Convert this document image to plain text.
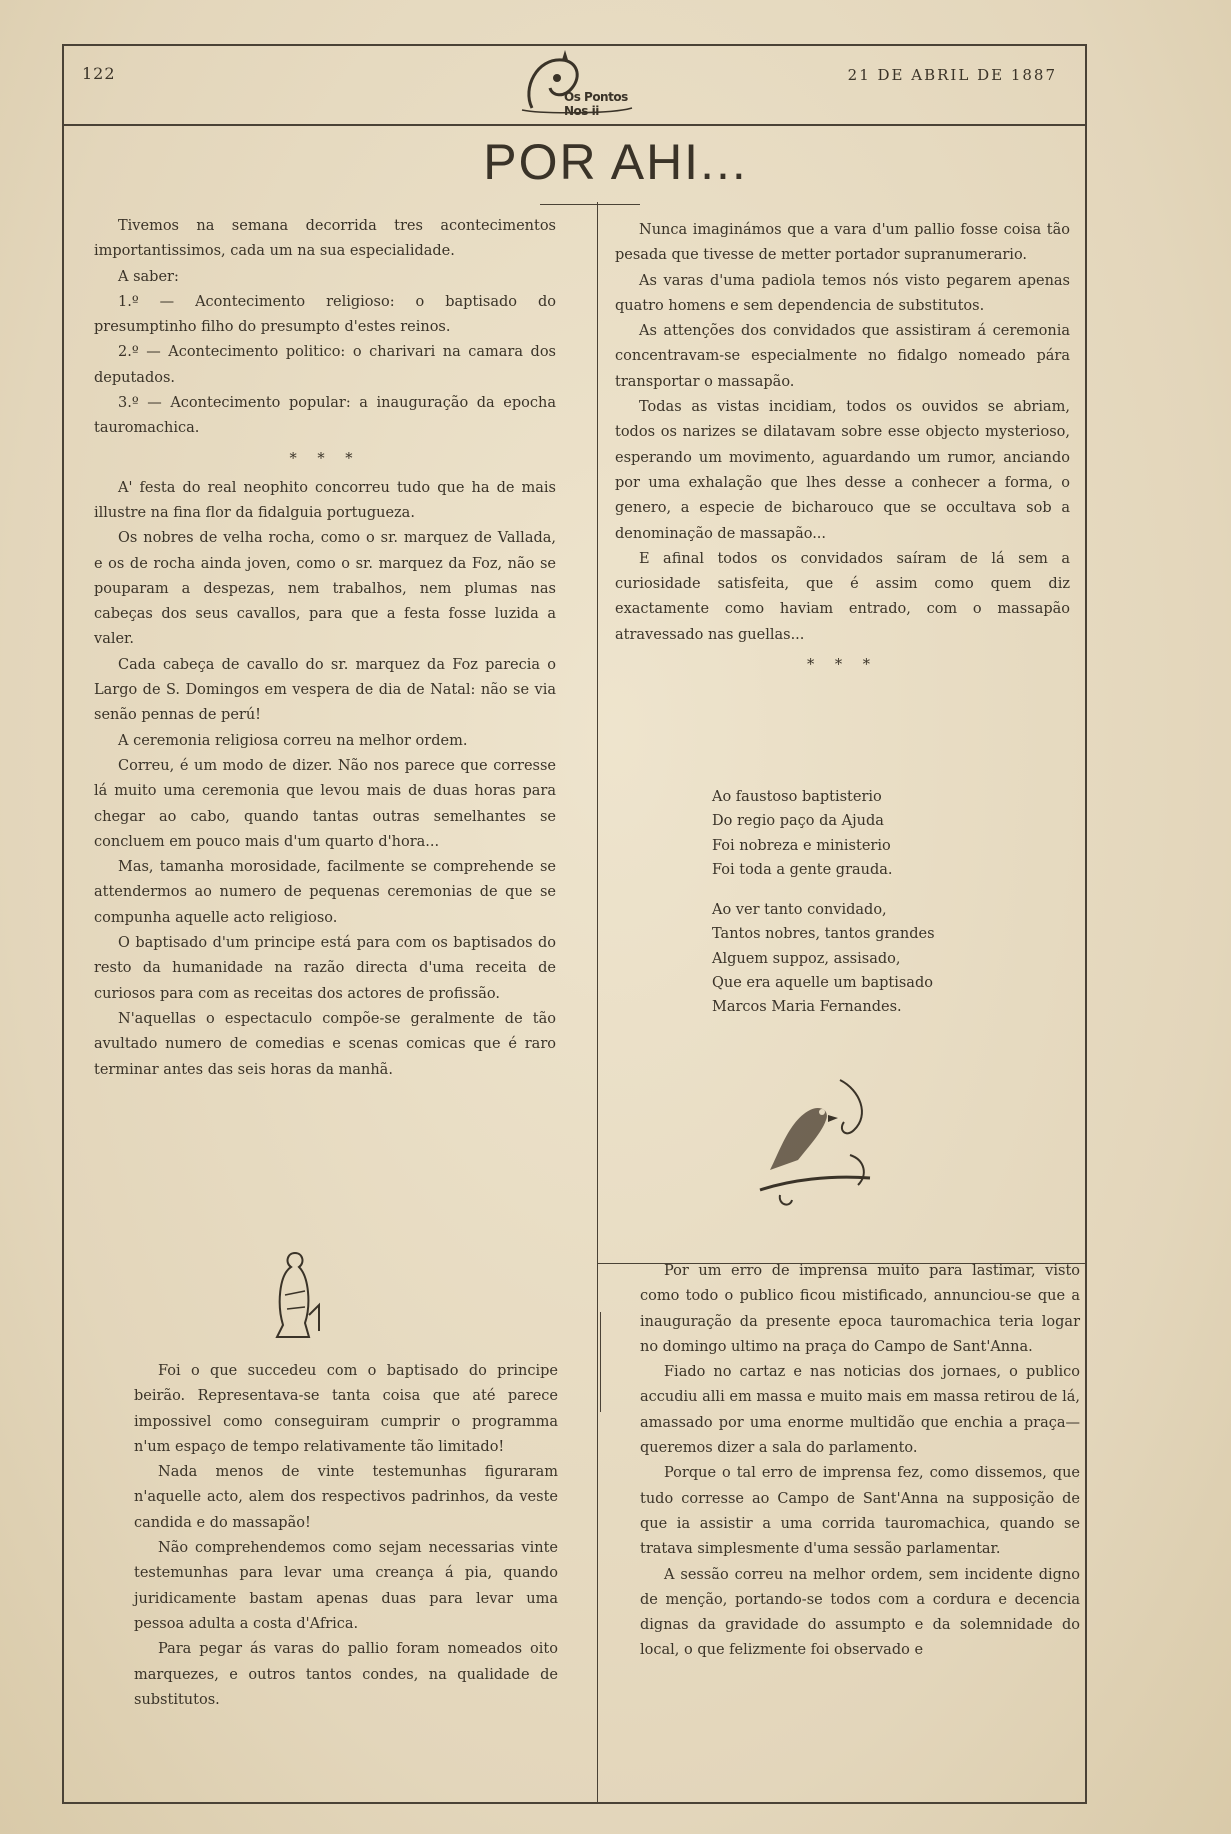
122
Os Pontos Nos ii
21 DE ABRIL DE 1887
POR AHI...

Tivemos na semana decorrida tres acontecimentos importantissimos, cada um na sua especialidade.

A saber:

1.º — Acontecimento religioso: o baptisado do presumptinho filho do presumpto d'estes reinos.

2.º — Acontecimento politico: o charivari na camara dos deputados.

3.º — Acontecimento popular: a inauguração da epocha tauromachica.

* * *

A' festa do real neophito concorreu tudo que ha de mais illustre na fina flor da fidalguia portugueza.

Os nobres de velha rocha, como o sr. marquez de Vallada, e os de rocha ainda joven, como o sr. marquez da Foz, não se pouparam a despezas, nem trabalhos, nem plumas nas cabeças dos seus cavallos, para que a festa fosse luzida a valer.

Cada cabeça de cavallo do sr. marquez da Foz parecia o Largo de S. Domingos em vespera de dia de Natal: não se via senão pennas de perú!

A ceremonia religiosa correu na melhor ordem.

Correu, é um modo de dizer. Não nos parece que corresse lá muito uma ceremonia que levou mais de duas horas para chegar ao cabo, quando tantas outras semelhantes se concluem em pouco mais d'um quarto d'hora...

Mas, tamanha morosidade, facilmente se comprehende se attendermos ao numero de pequenas ceremonias de que se compunha aquelle acto religioso.

O baptisado d'um principe está para com os baptisados do resto da humanidade na razão directa d'uma receita de curiosos para com as receitas dos actores de profissão.

N'aquellas o espectaculo compõe-se geralmente de tão avultado numero de comedias e scenas comicas que é raro terminar antes das seis horas da manhã.

Foi o que succedeu com o baptisado do principe beirão. Representava-se tanta coisa que até parece impossivel como conseguiram cumprir o programma n'um espaço de tempo relativamente tão limitado!

Nada menos de vinte testemunhas figuraram n'aquelle acto, alem dos respectivos padrinhos, da veste candida e do massapão!

Não comprehendemos como sejam necessarias vinte testemunhas para levar uma creança á pia, quando juridicamente bastam apenas duas para levar uma pessoa adulta a costa d'Africa.

Para pegar ás varas do pallio foram nomeados oito marquezes, e outros tantos condes, na qualidade de substitutos.

Nunca imaginámos que a vara d'um pallio fosse coisa tão pesada que tivesse de metter portador supranumerario.

As varas d'uma padiola temos nós visto pegarem apenas quatro homens e sem dependencia de substitutos.

As attenções dos convidados que assistiram á ceremonia concentravam-se especialmente no fidalgo nomeado pára transportar o massapão.

Todas as vistas incidiam, todos os ouvidos se abriam, todos os narizes se dilatavam sobre esse objecto mysterioso, esperando um movimento, aguardando um rumor, anciando por uma exhalação que lhes desse a conhecer a forma, o genero, a especie de bicharouco que se occultava sob a denominação de massapão...

E afinal todos os convidados saíram de lá sem a curiosidade satisfeita, que é assim como quem diz exactamente como haviam entrado, com o massapão atravessado nas guellas...

* * *

Ao faustoso baptisterio
Do regio paço da Ajuda
Foi nobreza e ministerio
Foi toda a gente grauda.
Ao ver tanto convidado,
Tantos nobres, tantos grandes
Alguem suppoz, assisado,
Que era aquelle um baptisado
Marcos Maria Fernandes.

Por um erro de imprensa muito para lastimar, visto como todo o publico ficou mistificado, annunciou-se que a inauguração da presente epoca tauromachica teria logar no domingo ultimo na praça do Campo de Sant'Anna.

Fiado no cartaz e nas noticias dos jornaes, o publico accudiu alli em massa e muito mais em massa retirou de lá, amassado por uma enorme multidão que enchia a praça—queremos dizer a sala do parlamento.

Porque o tal erro de imprensa fez, como dissemos, que tudo corresse ao Campo de Sant'Anna na supposição de que ia assistir a uma corrida tauromachica, quando se tratava simplesmente d'uma sessão parlamentar.

A sessão correu na melhor ordem, sem incidente digno de menção, portando-se todos com a cordura e decencia dignas da gravidade do assumpto e da solemnidade do local, o que felizmente foi observado e
